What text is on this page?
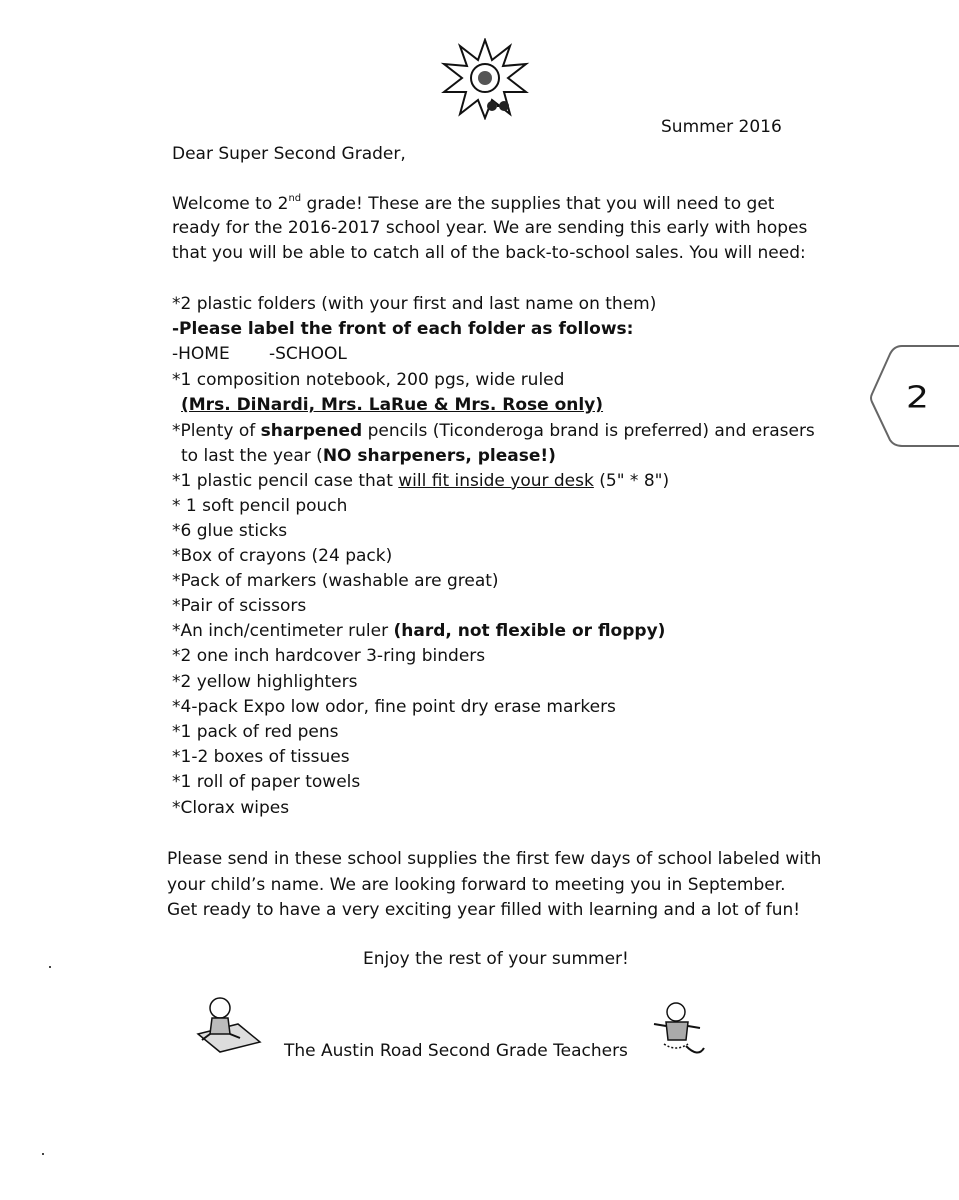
Summer 2016
Dear Super Second Grader,
Welcome to 2nd grade! These are the supplies that you will need to get
ready for the 2016-2017 school year. We are sending this early with hopes
that you will be able to catch all of the back-to-school sales. You will need:
*2 plastic folders (with your first and last name on them)
-Please label the front of each folder as follows:
-HOME -SCHOOL
*1 composition notebook, 200 pgs, wide ruled
(Mrs. DiNardi, Mrs. LaRue & Mrs. Rose only)
*Plenty of sharpened pencils (Ticonderoga brand is preferred) and erasers
to last the year (NO sharpeners, please!)
*1 plastic pencil case that will fit inside your desk (5" * 8")
* 1 soft pencil pouch
*6 glue sticks
*Box of crayons (24 pack)
*Pack of markers (washable are great)
*Pair of scissors
*An inch/centimeter ruler (hard, not flexible or floppy)
*2 one inch hardcover 3-ring binders
*2 yellow highlighters
*4-pack Expo low odor, fine point dry erase markers
*1 pack of red pens
*1-2 boxes of tissues
*1 roll of paper towels
*Clorax wipes
Please send in these school supplies the first few days of school labeled with
your child’s name. We are looking forward to meeting you in September.
Get ready to have a very exciting year filled with learning and a lot of fun!
Enjoy the rest of your summer!
The Austin Road Second Grade Teachers
2
